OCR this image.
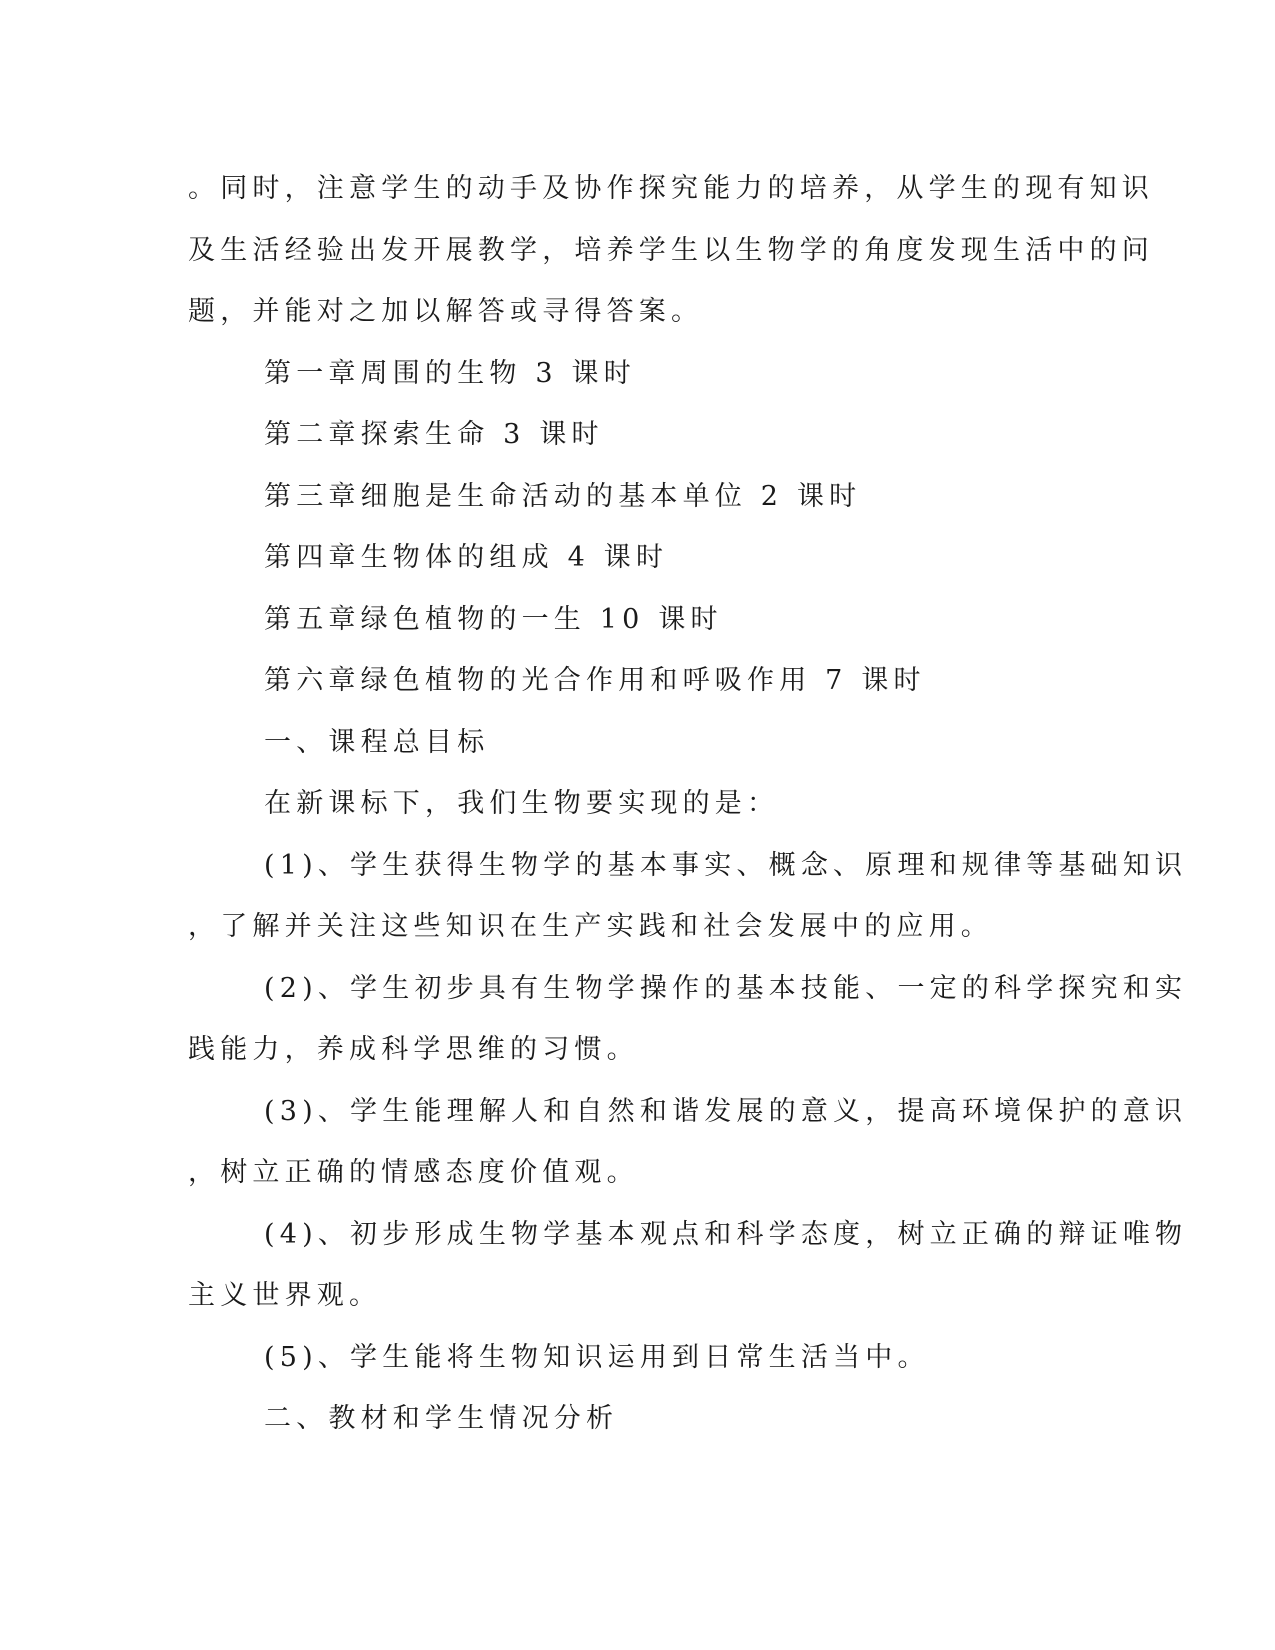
。同时，注意学生的动手及协作探究能力的培养，从学生的现有知识
及生活经验出发开展教学，培养学生以生物学的角度发现生活中的问
题，并能对之加以解答或寻得答案。
第一章周围的生物 3 课时
第二章探索生命 3 课时
第三章细胞是生命活动的基本单位 2 课时
第四章生物体的组成 4 课时
第五章绿色植物的一生 10 课时
第六章绿色植物的光合作用和呼吸作用 7 课时
一、课程总目标
在新课标下，我们生物要实现的是：
(1)、学生获得生物学的基本事实、概念、原理和规律等基础知识
，了解并关注这些知识在生产实践和社会发展中的应用。
(2)、学生初步具有生物学操作的基本技能、一定的科学探究和实
践能力，养成科学思维的习惯。
(3)、学生能理解人和自然和谐发展的意义，提高环境保护的意识
，树立正确的情感态度价值观。
(4)、初步形成生物学基本观点和科学态度，树立正确的辩证唯物
主义世界观。
(5)、学生能将生物知识运用到日常生活当中。
二、教材和学生情况分析
